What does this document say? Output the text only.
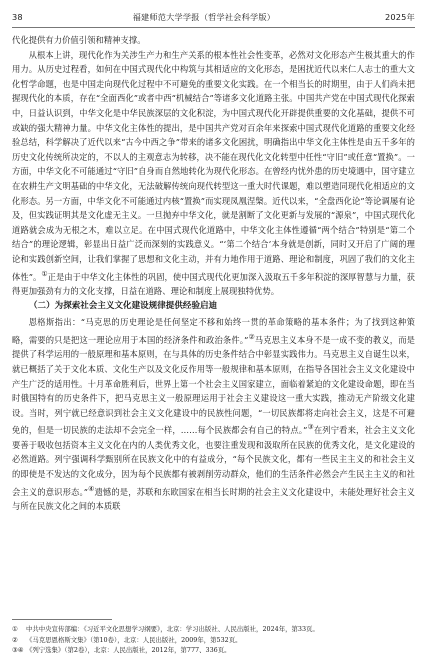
38	福建师范大学学报（哲学社会科学版）	2025年

代化提供有力价值引领和精神支撑。

从根本上讲，现代化作为关涉生产力和生产关系的根本性社会性变革，必然对文化形态产生极其重大的作用力。从历史过程看，如何在中国式现代化中构筑与其相适应的文化形态，是困扰近代以来仁人志士的重大文化哲学命题，也是中国走向现代化过程中不可避免的重要文化实践。在一个相当长的时期里，由于人们尚未把握现代化的本质，存在“全面西化”或者中西“机械结合”等诸多文化道路主张。中国共产党在中国式现代化探索中，日益认识到，中华文化是中华民族深层的文化积淀，为中国式现代化开辟提供重要的文化基础，提供不可或缺的强大精神力量。中华文化主体性的提出，是中国共产党对百余年来探索中国式现代化道路的重要文化经验总结，科学解决了近代以来“古今中西之争”带来的诸多文化困扰，明确指出中华文化主体性是由五千多年的历史文化传统所决定的，不以人的主观意志为转移，决不能在现代化文化转型中任性“守旧”或任意“置换”。一方面，中华文化不可能通过“守旧”自身而自然地转化为现代化形态。在曾经内忧外患的历史境遇中，国守建立在农耕生产文明基础的中华文化，无法破解传统向现代转型这一重大时代课题，难以塑造同现代化相适应的文化形态。另一方面，中华文化不可能通过内核“置换”而实现凤凰涅槃。近代以来，“全盘西化论”等论调屡有论及，但实践证明其是文化虚无主义。一旦抛弃中华文化，就是割断了文化更新与发展的“源泉”，中国式现代化道路就会成为无根之木，难以立足。在中国式现代化道路中，中华文化主体性遵循“两个结合”特别是“第二个结合”的理论逻辑，彰显出日益广泛而深刻的实践意义。“‘第二个结合’本身就是创新，同时又开启了广阔的理论和实践创新空间，让我们掌握了思想和文化主动，并有力地作用于道路、理论和制度，巩固了我们的文化主体性”。①正是由于中华文化主体性的巩固，使中国式现代化更加深入汲取五千多年积淀的深厚智慧与力量，获得更加强劲有力的文化支撑，日益在道路、理论和制度上展现独特优势。

（二）为探索社会主义文化建设规律提供经验启迪

恩格斯指出：“马克思的历史理论是任何坚定不移和始终一贯的革命策略的基本条件；为了找到这种策略，需要的只是把这一理论应用于本国的经济条件和政治条件。”②马克思主义本身不是一成不变的教义，而是提供了科学运用的一般原理和基本原则，在与具体的历史条件结合中彰显实践伟力。马克思主义自诞生以来，就已概括了关于文化本质、文化生产以及文化反作用等一般规律和基本原则，在指导各国社会主义文化建设中产生广泛的适用性。十月革命胜利后，世界上第一个社会主义国家建立，面临着紧迫的文化建设命题，即在当时俄国特有的历史条件下，把马克思主义一般原理运用于社会主义建设这一重大实践，推动无产阶级文化建设。当时，列宁就已经意识到社会主义文化建设中的民族性问题，“一切民族都将走向社会主义，这是不可避免的，但是一切民族的走法却不会完全一样，……每个民族都会有自己的特点。”③在列宁看来，社会主义文化要善于吸收包括资本主义文化在内的人类优秀文化，也要注重发现和汲取所在民族的优秀文化，是文化建设的必然道路。列宁强调科学甄别所在民族文化中的有益成分，“每个民族文化，都有一些民主主义的和社会主义的即使是不发达的文化成分，因为每个民族都有被剥削劳动群众，他们的生活条件必然会产生民主主义的和社会主义的意识形态。”④遗憾的是，苏联和东欧国家在相当长时期的社会主义文化建设中，未能处理好社会主义与所在民族文化之间的本质联

①	中共中央宣传部编：《习近平文化思想学习纲要》，北京：学习出版社、人民出版社，2024年，第33页。
②	《马克思恩格斯文集》（第10卷），北京：人民出版社，2009年，第532页。
③④ 《列宁选集》（第2卷），北京：人民出版社，2012年，第777、336页。
